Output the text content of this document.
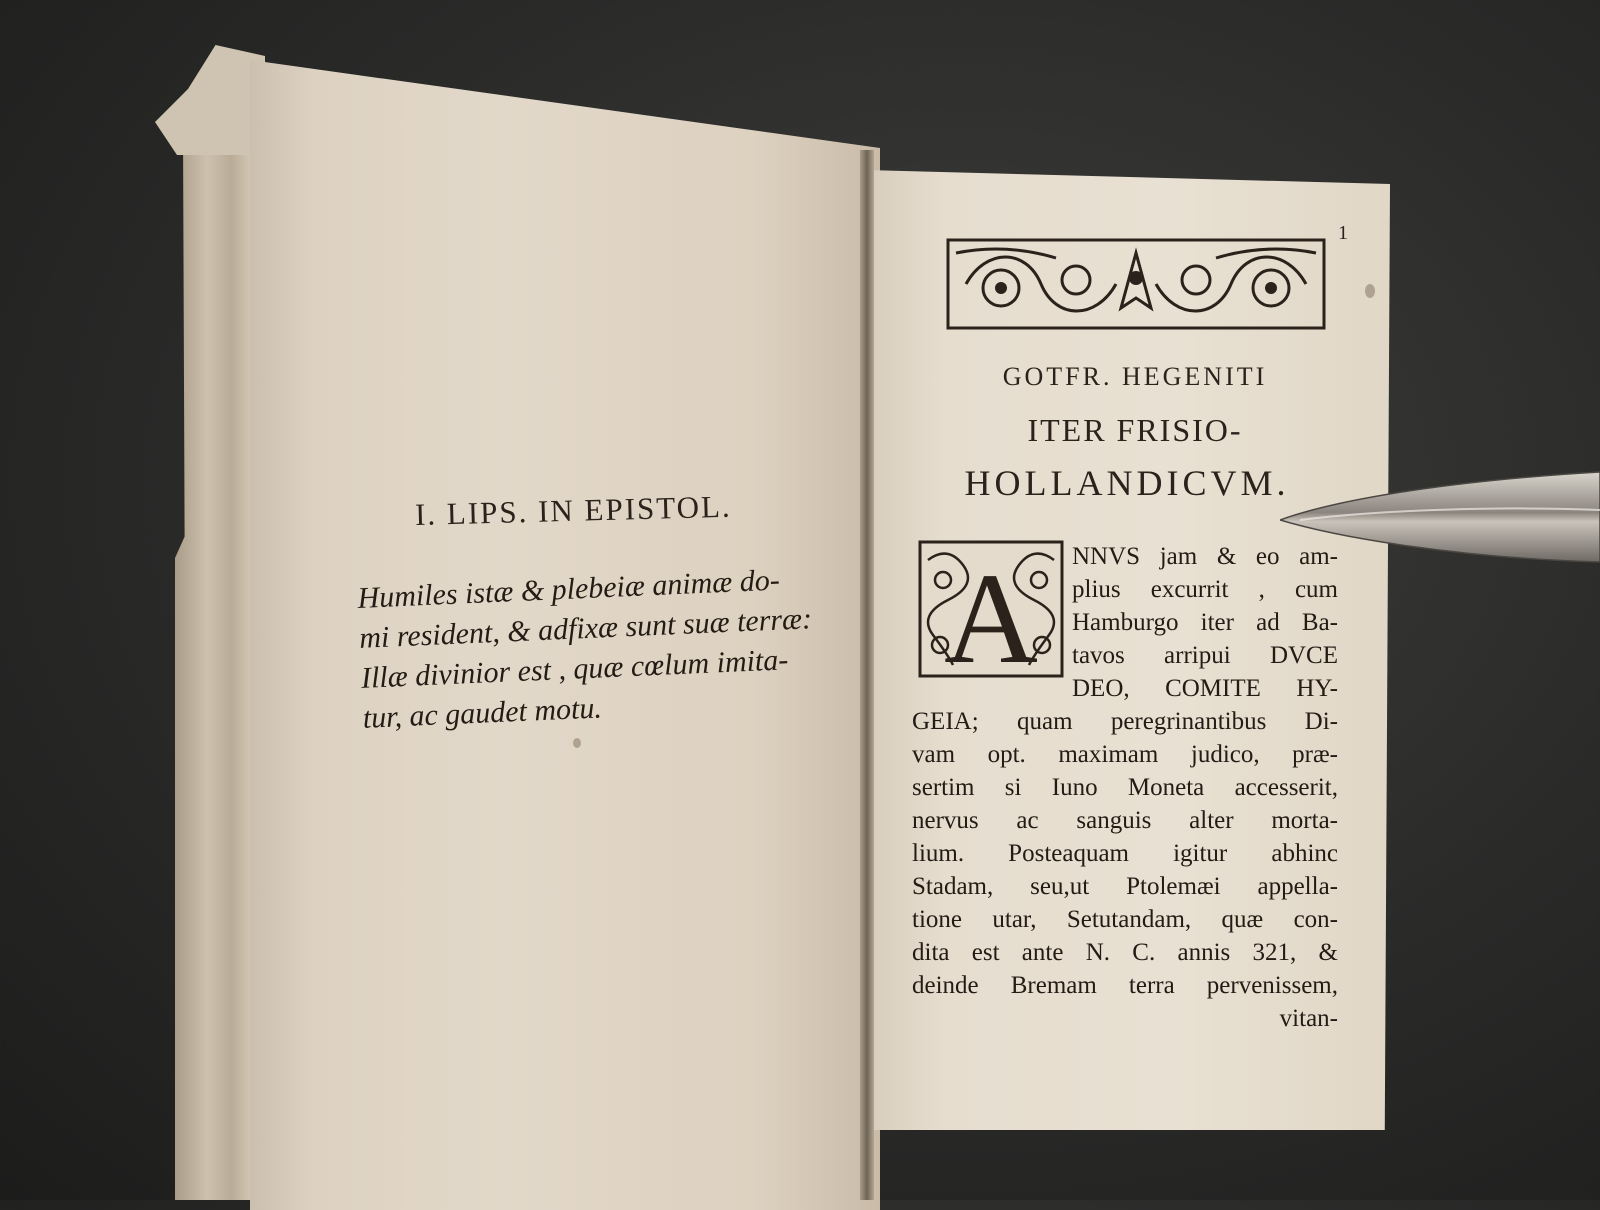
I. LIPS. IN EPISTOL.
Humiles istæ & plebeiæ animæ do-
mi resident, & adfixæ sunt suæ terræ:
Illæ divinior est , quæ cœlum imita-
tur, ac gaudet motu.
1
GOTFR. HEGENITI
ITER FRISIO-
HOLLANDICVM.
A NNVS jam & eo am-
plius excurrit , cum
Hamburgo iter ad Ba-
tavos arripui DVCE
DEO, COMITE HY-
GEIA; quam peregrinantibus Di-
vam opt. maximam judico, præ-
sertim si Iuno Moneta accesserit,
nervus ac sanguis alter morta-
lium. Posteaquam igitur abhinc
Stadam, seu,ut Ptolemæi appella-
tione utar, Setutandam, quæ con-
dita est ante N. C. annis 321, &
deinde Bremam terra pervenissem,
vitan-
